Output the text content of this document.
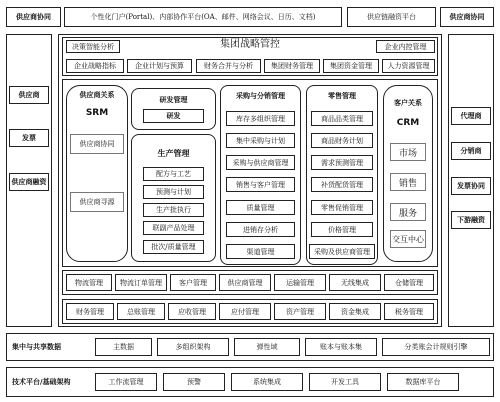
供应商协同	个性化门户(Portal)、内部协作平台(OA、邮件、网络会议、日历、文档)	供应链融资平台	供应商协同
供应商
发票
供应商融资
代理商
分销商
发票协同
下游融资
决策智能分析	集团战略管控	企业内控管理
企业战略指标	企业计划与预算	财务合并与分析	集团财务管理	集团资金管理	人力资源管理
供应商关系
SRM
供应商协同
供应商寻源
研发管理
研发
生产管理
配方与工艺
预测与计划
生产批执行
联副产品处理
批次/质量管理
采购与分销管理
库存多组织管理
集中采购与计划
采购与供应商管理
销售与客户管理
质量管理
进销存分析
渠道管理
零售管理
商品品类管理
商品财务计划
需求预测管理
补货配货管理
零售促销管理
价格管理
采购及供应商管理
客户关系
CRM
市场
销售
服务
交互中心
物流管理	物流订单管理	客户管理	供应商管理	运输管理	无线集成	仓储管理
财务管理	总账管理	应收管理	应付管理	资产管理	资金集成	税务管理
集中与共享数据	主数据	多组织架构	弹性域	账本与账本集	分类账会计规则引擎
技术平台/基础架构	工作流管理	预警	系统集成	开发工具	数据库平台
